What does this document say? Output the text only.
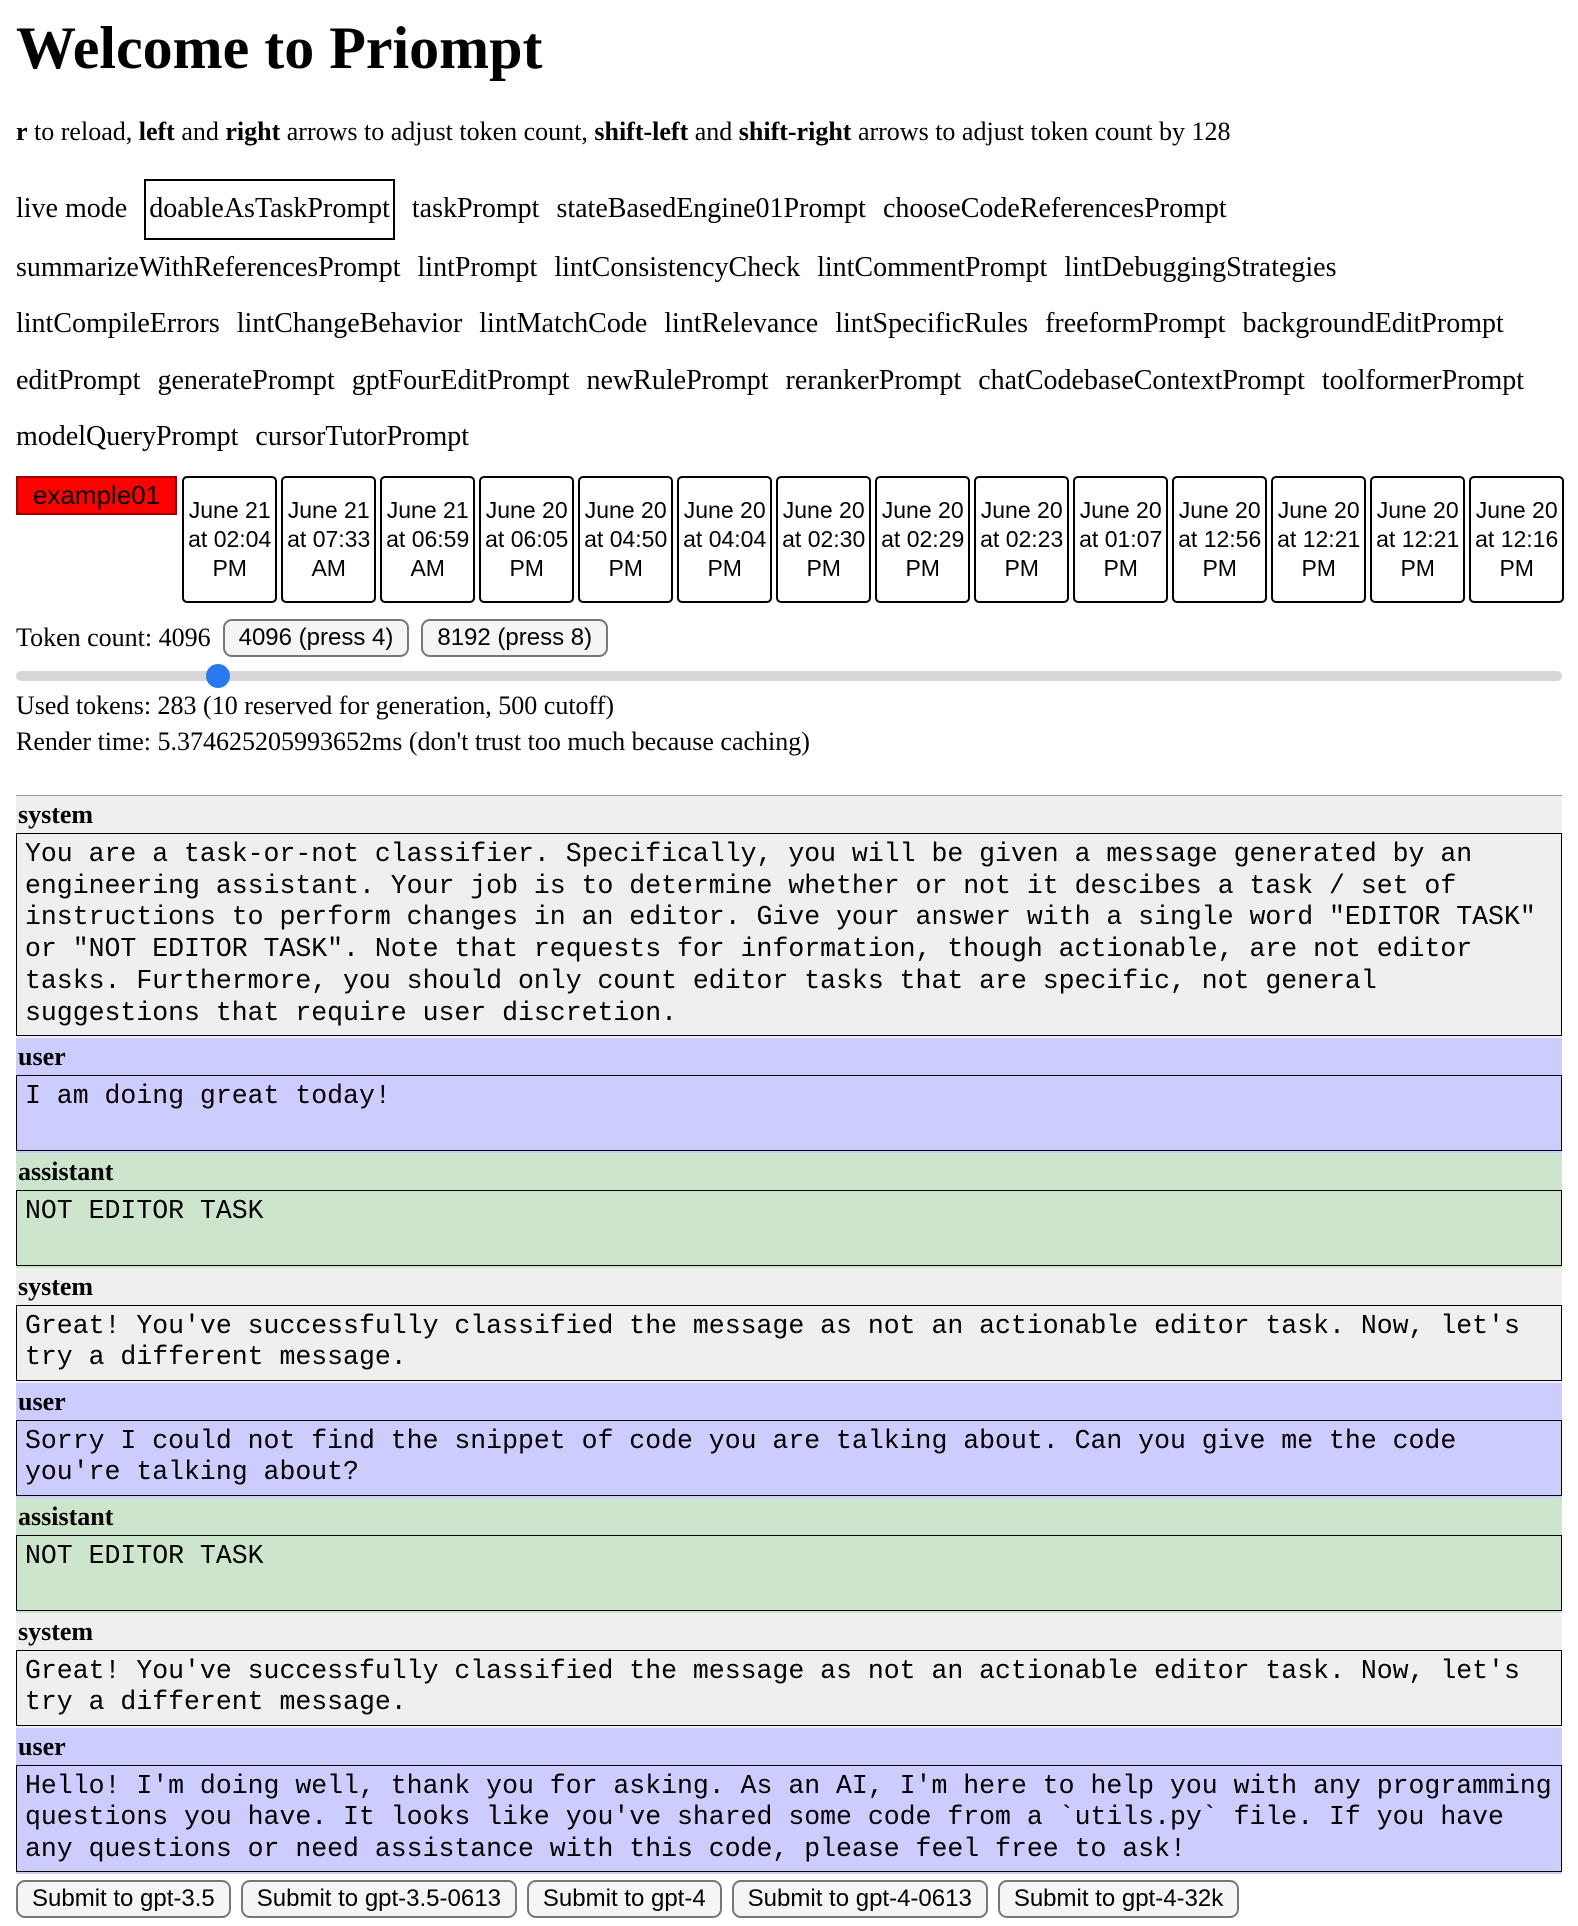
Welcome to Priompt

r to reload, left and right arrows to adjust token count, shift-left and shift-right arrows to adjust token count by 128

live mode doableAsTaskPrompt taskPrompt stateBasedEngine01Prompt chooseCodeReferencesPrompt summarizeWithReferencesPrompt lintPrompt lintConsistencyCheck lintCommentPrompt lintDebuggingStrategies lintCompileErrors lintChangeBehavior lintMatchCode lintRelevance lintSpecificRules freeformPrompt backgroundEditPrompt editPrompt generatePrompt gptFourEditPrompt newRulePrompt rerankerPrompt chatCodebaseContextPrompt toolformerPrompt modelQueryPrompt cursorTutorPrompt
example01
June 21 at 02:04 PM
June 21 at 07:33 AM
June 21 at 06:59 AM
June 20 at 06:05 PM
June 20 at 04:50 PM
June 20 at 04:04 PM
June 20 at 02:30 PM
June 20 at 02:29 PM
June 20 at 02:23 PM
June 20 at 01:07 PM
June 20 at 12:56 PM
June 20 at 12:21 PM
June 20 at 12:21 PM
June 20 at 12:16 PM
Token count: 4096	4096 (press 4)	8192 (press 8)

Used tokens: 283 (10 reserved for generation, 500 cutoff)

Render time: 5.374625205993652ms (don't trust too much because caching)

system
You are a task-or-not classifier. Specifically, you will be given a message generated by an engineering assistant. Your job is to determine whether or not it descibes a task / set of instructions to perform changes in an editor. Give your answer with a single word "EDITOR TASK" or "NOT EDITOR TASK". Note that requests for information, though actionable, are not editor tasks. Furthermore, you should only count editor tasks that are specific, not general suggestions that require user discretion.
user
I am doing great today!
assistant
NOT EDITOR TASK
system
Great! You've successfully classified the message as not an actionable editor task. Now, let's try a different message.
user
Sorry I could not find the snippet of code you are talking about. Can you give me the code you're talking about?
assistant
NOT EDITOR TASK
system
Great! You've successfully classified the message as not an actionable editor task. Now, let's try a different message.
user
Hello! I'm doing well, thank you for asking. As an AI, I'm here to help you with any programming questions you have. It looks like you've shared some code from a `utils.py` file. If you have any questions or need assistance with this code, please feel free to ask!
Submit to gpt-3.5	Submit to gpt-3.5-0613	Submit to gpt-4	Submit to gpt-4-0613	Submit to gpt-4-32k
